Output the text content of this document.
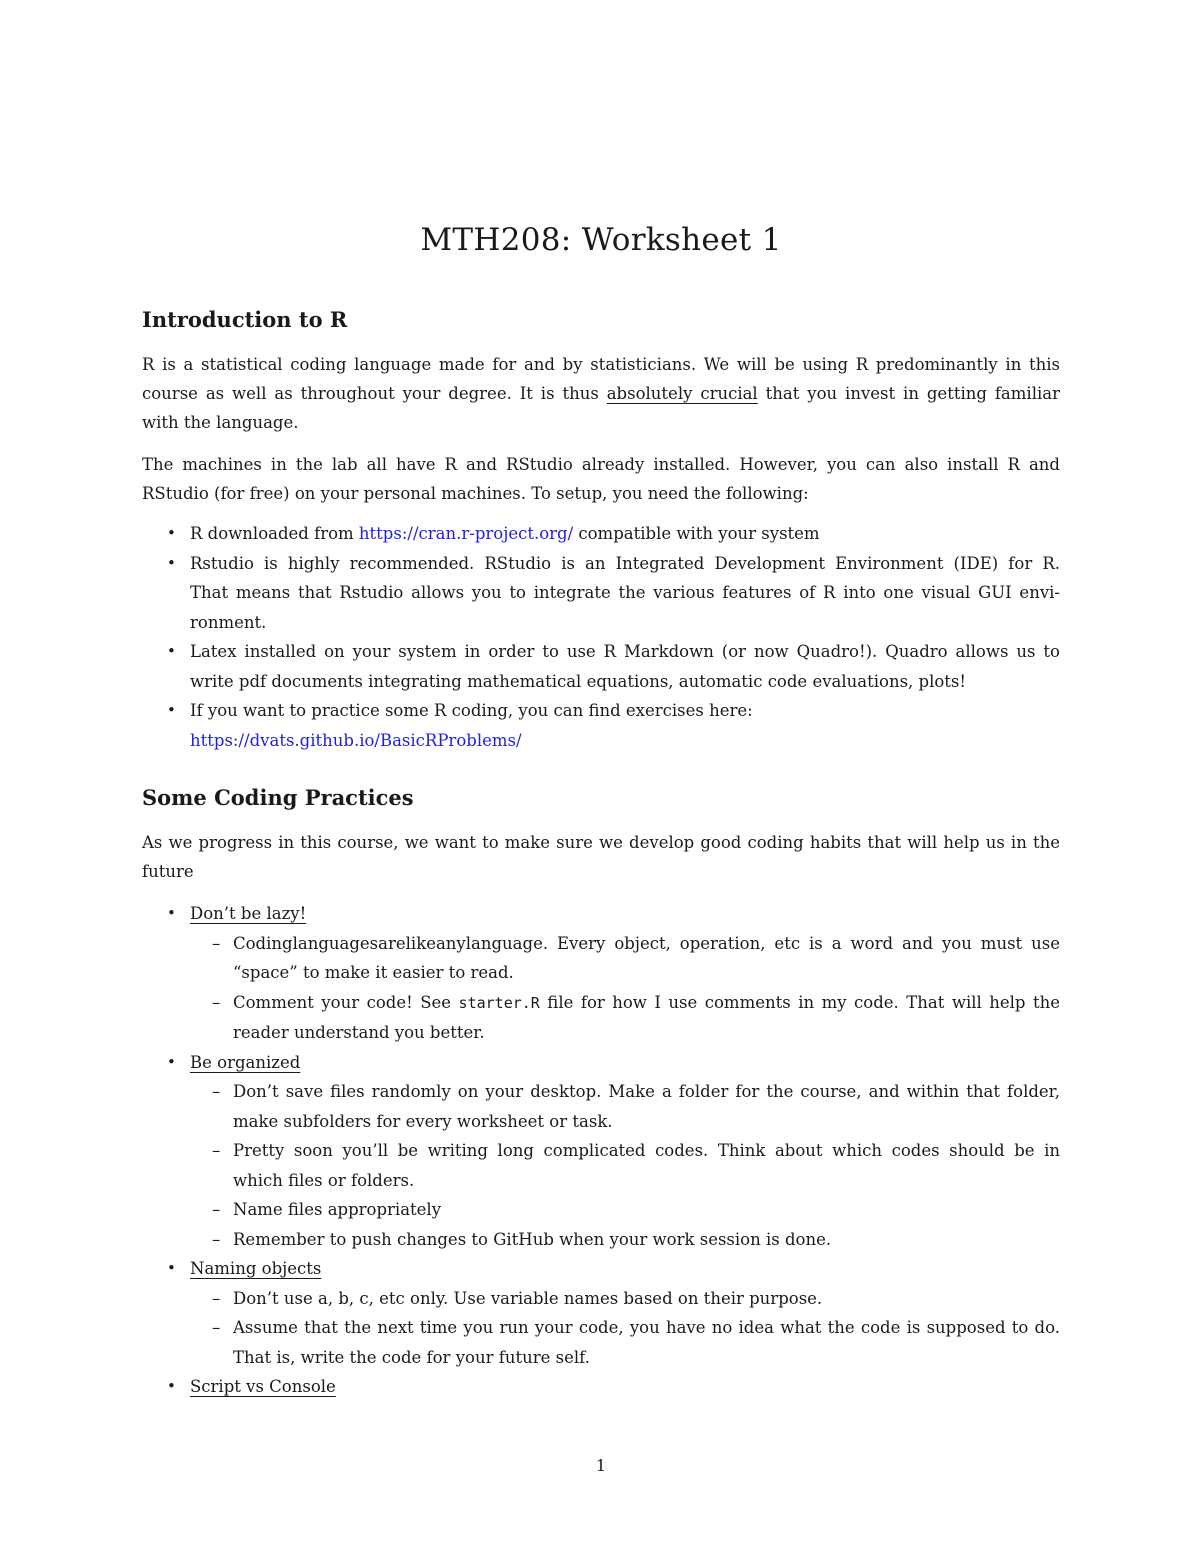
MTH208: Worksheet 1
Introduction to R
R is a statistical coding language made for and by statisticians. We will be using R predominantly in this
course as well as throughout your degree. It is thus absolutely crucial that you invest in getting familiar
with the language.
The machines in the lab all have R and RStudio already installed. However, you can also install R and
RStudio (for free) on your personal machines. To setup, you need the following:
• R downloaded from https://cran.r-project.org/ compatible with your system
• Rstudio is highly recommended. RStudio is an Integrated Development Environment (IDE) for R.
That means that Rstudio allows you to integrate the various features of R into one visual GUI envi-
ronment.
• Latex installed on your system in order to use R Markdown (or now Quadro!). Quadro allows us to
write pdf documents integrating mathematical equations, automatic code evaluations, plots!
• If you want to practice some R coding, you can find exercises here:
https://dvats.github.io/BasicRProblems/
Some Coding Practices
As we progress in this course, we want to make sure we develop good coding habits that will help us in the
future
• Don’t be lazy!
– Codinglanguagesarelikeanylanguage. Every object, operation, etc is a word and you must use
“space” to make it easier to read.
– Comment your code! See starter.R file for how I use comments in my code. That will help the
reader understand you better.
• Be organized
– Don’t save files randomly on your desktop. Make a folder for the course, and within that folder,
make subfolders for every worksheet or task.
– Pretty soon you’ll be writing long complicated codes. Think about which codes should be in
which files or folders.
– Name files appropriately
– Remember to push changes to GitHub when your work session is done.
• Naming objects
– Don’t use a, b, c, etc only. Use variable names based on their purpose.
– Assume that the next time you run your code, you have no idea what the code is supposed to do.
That is, write the code for your future self.
• Script vs Console
1
